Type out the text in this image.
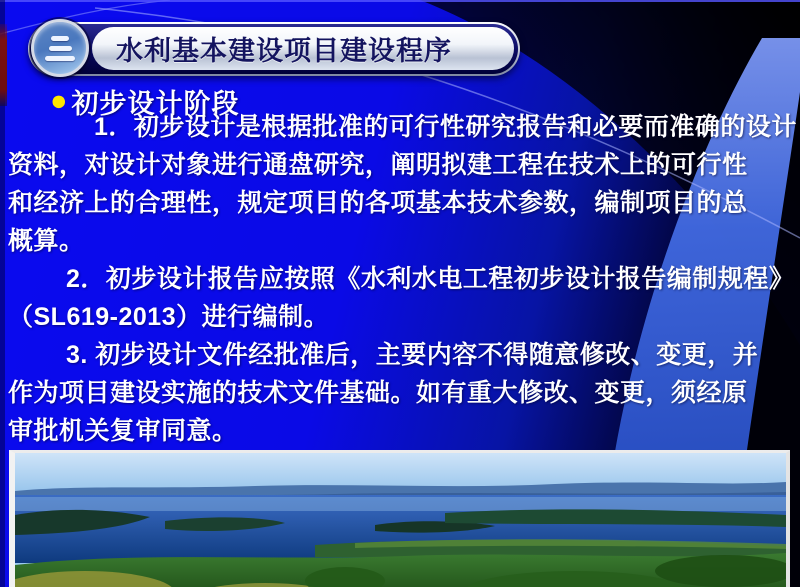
水利基本建设项目建设程序
● 初步设计阶段
1．初步设计是根据批准的可行性研究报告和必要而准确的设计
资料，对设计对象进行通盘研究，阐明拟建工程在技术上的可行性
和经济上的合理性，规定项目的各项基本技术参数，编制项目的总
概算。
2．初步设计报告应按照《水利水电工程初步设计报告编制规程》
（SL619-2013）进行编制。
3. 初步设计文件经批准后，主要内容不得随意修改、变更，并
作为项目建设实施的技术文件基础。如有重大修改、变更，须经原
审批机关复审同意。
